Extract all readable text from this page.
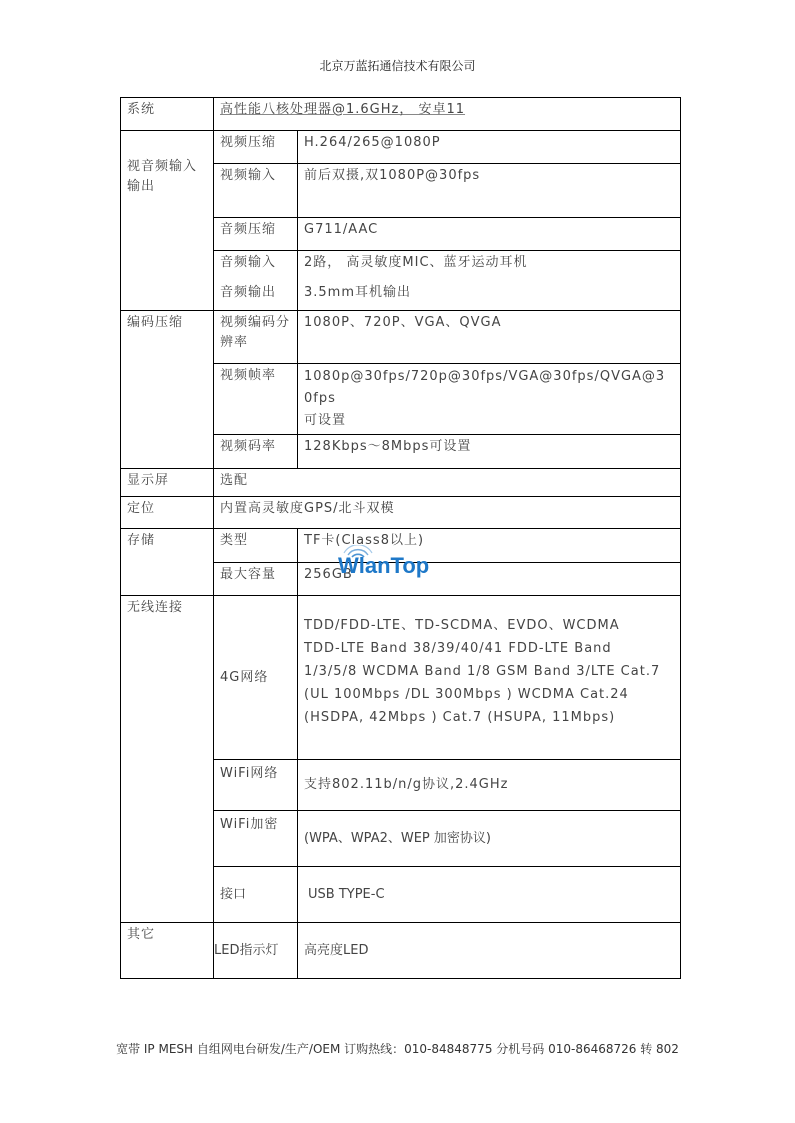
北京万蓝拓通信技术有限公司
系统	高性能八核处理器@1.6GHz， 安卓11	
视音频输入输出	视频压缩	H.264/265@1080P
	视频输入	前后双摄,双1080P@30fps
	音频压缩	G711/AAC
	音频输入	2路， 高灵敏度MIC、蓝牙运动耳机
	音频输出	3.5mm耳机输出
编码压缩	视频编码分辨率	1080P、720P、VGA、QVGA
	视频帧率	1080p@30fps/720p@30fps/VGA@30fps/QVGA@30fps
可设置

	视频码率	128Kbps～8Mbps可设置
显示屏	选配	
定位	内置高灵敏度GPS/北斗双模	
存储	类型	TF卡(Class8以上)
	最大容量	256GB
无线连接	4G网络	TDD/FDD-LTE、TD-SCDMA、EVDO、WCDMA
TDD-LTE Band 38/39/40/41 FDD-LTE Band
1/3/5/8 WCDMA Band 1/8 GSM Band 3/LTE Cat.7
(UL 100Mbps /DL 300Mbps ) WCDMA Cat.24
(HSDPA, 42Mbps ) Cat.7 (HSUPA, 11Mbps)

	WiFi网络	支持802.11b/n/g协议,2.4GHz
	WiFi加密	(WPA、WPA2、WEP 加密协议)
	接口	USB TYPE-C
其它	LED指示灯	高亮度LED
WlanTop
宽带 IP MESH 自组网电台研发/生产/OEM 订购热线：010-84848775 分机号码 010-86468726 转 802
